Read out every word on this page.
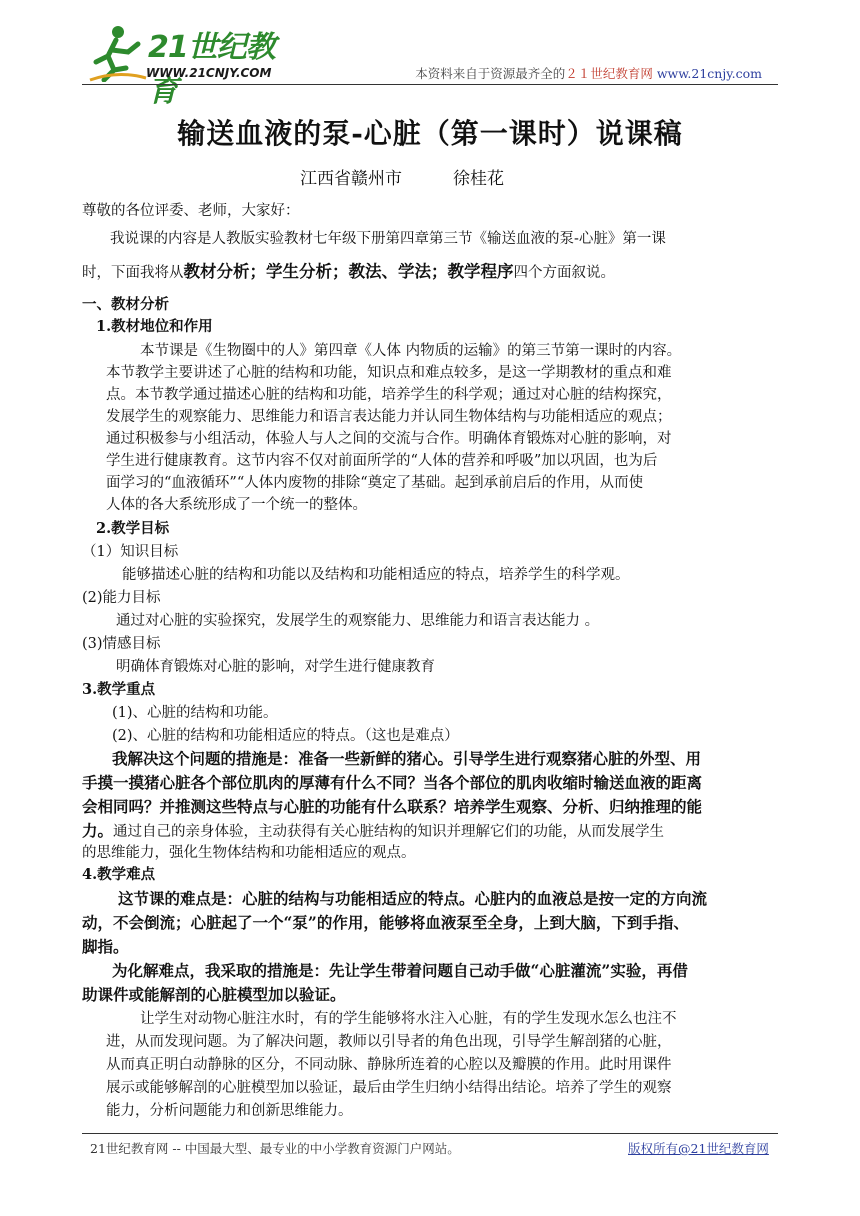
21世纪教育
WWW.21CNJY.COM	本资料来自于资源最齐全的２１世纪教育网 www.21cnjy.com
输送血液的泵-心脏（第一课时）说课稿
江西省赣州市　　　徐桂花
尊敬的各位评委、老师，大家好：
我说课的内容是人教版实验教材七年级下册第四章第三节《输送血液的泵-心脏》第一课
时，下面我将从教材分析；学生分析；教法、学法；教学程序四个方面叙说。
一、教材分析
1.教材地位和作用
本节课是《生物圈中的人》第四章《人体 内物质的运输》的第三节第一课时的内容。
本节教学主要讲述了心脏的结构和功能，知识点和难点较多，是这一学期教材的重点和难
点。本节教学通过描述心脏的结构和功能，培养学生的科学观；通过对心脏的结构探究，
发展学生的观察能力、思维能力和语言表达能力并认同生物体结构与功能相适应的观点；
通过积极参与小组活动，体验人与人之间的交流与合作。明确体育锻炼对心脏的影响，对
学生进行健康教育。这节内容不仅对前面所学的“人体的营养和呼吸”加以巩固，也为后
面学习的“血液循环”“人体内废物的排除“奠定了基础。起到承前启后的作用，从而使
人体的各大系统形成了一个统一的整体。
2.教学目标
（1）知识目标
能够描述心脏的结构和功能以及结构和功能相适应的特点，培养学生的科学观。
(2)能力目标
通过对心脏的实验探究，发展学生的观察能力、思维能力和语言表达能力 。
(3)情感目标
明确体育锻炼对心脏的影响，对学生进行健康教育
3.教学重点
(1)、心脏的结构和功能。
(2)、心脏的结构和功能相适应的特点。（这也是难点）
我解决这个问题的措施是：准备一些新鲜的猪心。引导学生进行观察猪心脏的外型、用
手摸一摸猪心脏各个部位肌肉的厚薄有什么不同？当各个部位的肌肉收缩时输送血液的距离
会相同吗？并推测这些特点与心脏的功能有什么联系？培养学生观察、分析、归纳推理的能
力。通过自己的亲身体验，主动获得有关心脏结构的知识并理解它们的功能，从而发展学生
的思维能力，强化生物体结构和功能相适应的观点。
4.教学难点
这节课的难点是：心脏的结构与功能相适应的特点。心脏内的血液总是按一定的方向流
动，不会倒流；心脏起了一个“泵”的作用，能够将血液泵至全身，上到大脑，下到手指、
脚指。
为化解难点，我采取的措施是：先让学生带着问题自己动手做“心脏灌流”实验，再借
助课件或能解剖的心脏模型加以验证。
让学生对动物心脏注水时，有的学生能够将水注入心脏，有的学生发现水怎么也注不
进，从而发现问题。为了解决问题，教师以引导者的角色出现，引导学生解剖猪的心脏，
从而真正明白动静脉的区分，不同动脉、静脉所连着的心腔以及瓣膜的作用。此时用课件
展示或能够解剖的心脏模型加以验证，最后由学生归纳小结得出结论。培养了学生的观察
能力，分析问题能力和创新思维能力。
21世纪教育网 -- 中国最大型、最专业的中小学教育资源门户网站。	版权所有@21世纪教育网
